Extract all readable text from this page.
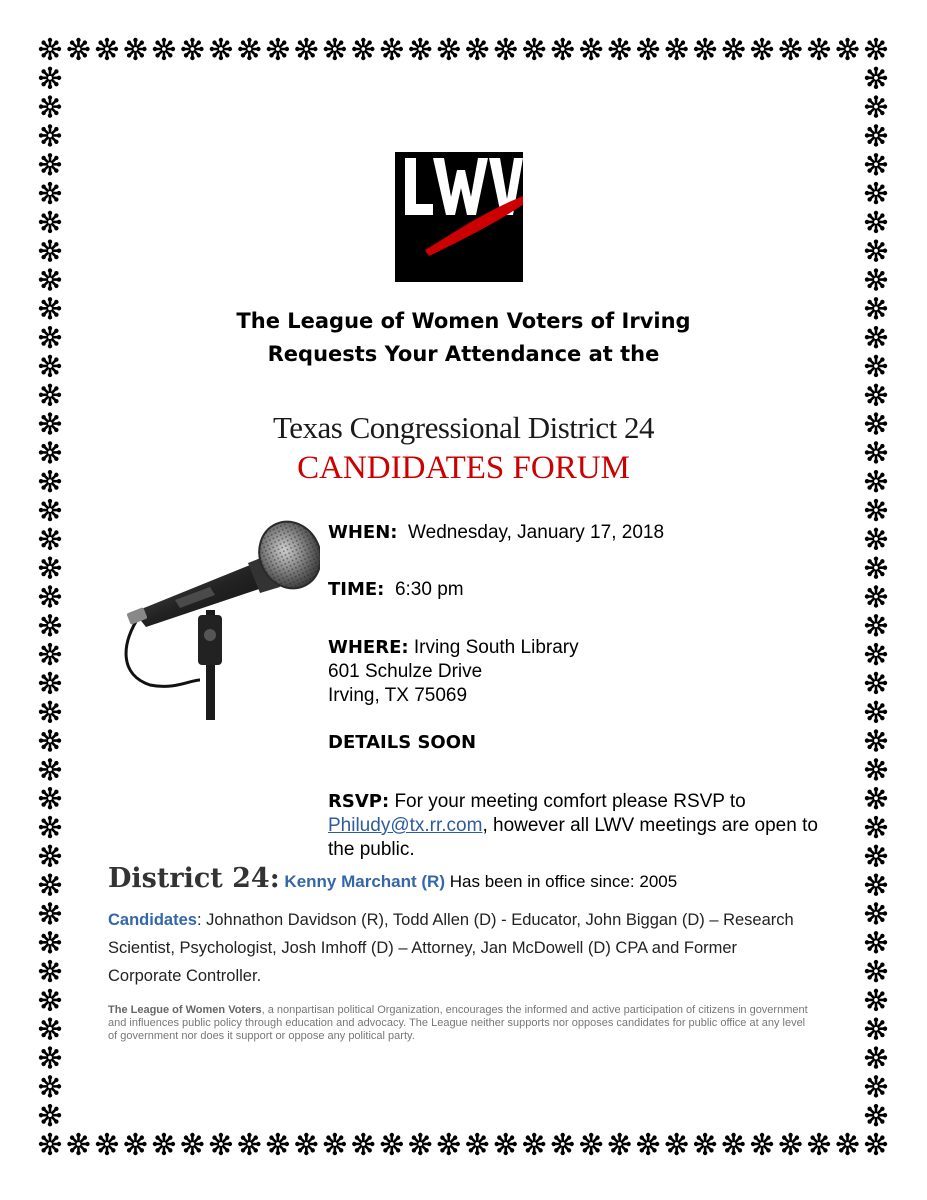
The League of Women Voters of Irving
Requests Your Attendance at the
Texas Congressional District 24
CANDIDATES FORUM
WHEN: Wednesday, January 17, 2018
TIME: 6:30 pm
WHERE: Irving South Library
601 Schulze Drive
Irving, TX 75069
DETAILS SOON
RSVP: For your meeting comfort please RSVP to Philudy@tx.rr.com, however all LWV meetings are open to the public.
District 24: Kenny Marchant (R) Has been in office since: 2005
Candidates: Johnathon Davidson (R), Todd Allen (D) - Educator, John Biggan (D) – Research Scientist, Psychologist, Josh Imhoff (D) – Attorney, Jan McDowell (D) CPA and Former Corporate Controller.
The League of Women Voters, a nonpartisan political Organization, encourages the informed and active participation of citizens in government and influences public policy through education and advocacy. The League neither supports nor opposes candidates for public office at any level of government nor does it support or oppose any political party.
